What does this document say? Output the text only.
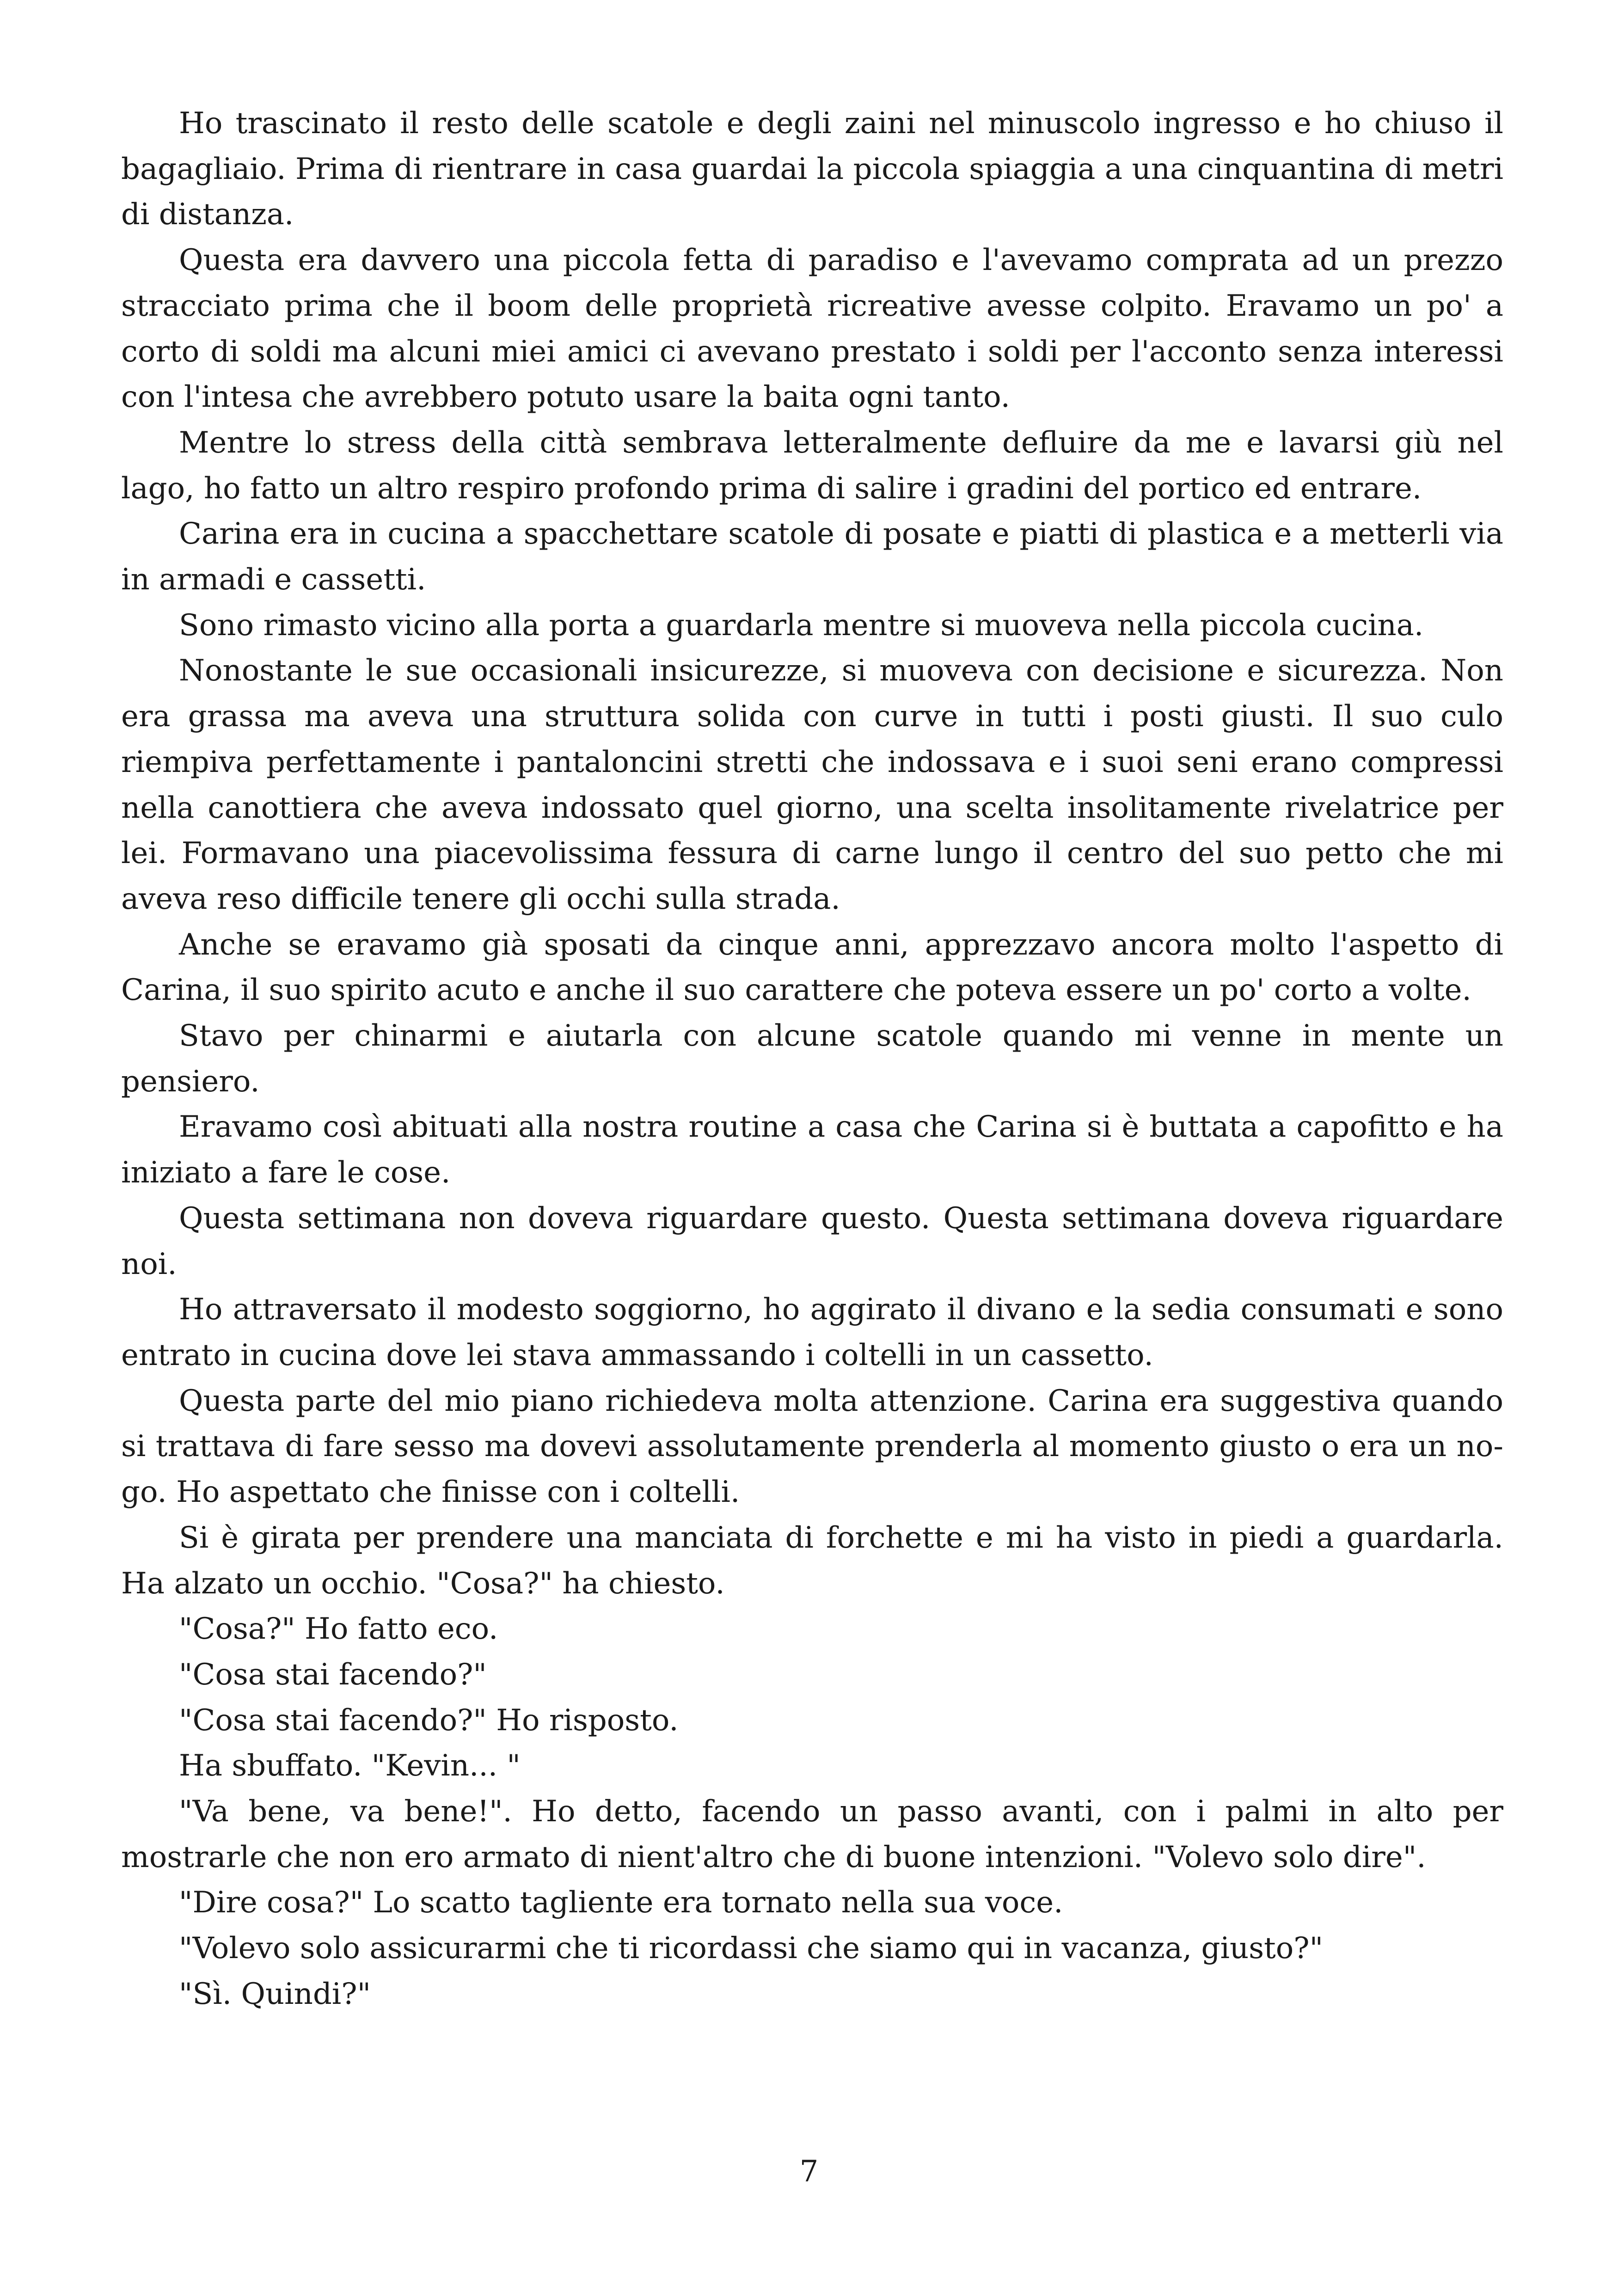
Ho trascinato il resto delle scatole e degli zaini nel minuscolo ingresso e ho chiuso il bagagliaio. Prima di rientrare in casa guardai la piccola spiaggia a una cinquantina di metri di distanza.

Questa era davvero una piccola fetta di paradiso e l'avevamo comprata ad un prezzo stracciato prima che il boom delle proprietà ricreative avesse colpito. Eravamo un po' a corto di soldi ma alcuni miei amici ci avevano prestato i soldi per l'acconto senza interessi con l'intesa che avrebbero potuto usare la baita ogni tanto.

Mentre lo stress della città sembrava letteralmente defluire da me e lavarsi giù nel lago, ho fatto un altro respiro profondo prima di salire i gradini del portico ed entrare.

Carina era in cucina a spacchettare scatole di posate e piatti di plastica e a metterli via in armadi e cassetti.

Sono rimasto vicino alla porta a guardarla mentre si muoveva nella piccola cucina.

Nonostante le sue occasionali insicurezze, si muoveva con decisione e sicurezza. Non era grassa ma aveva una struttura solida con curve in tutti i posti giusti. Il suo culo riempiva perfettamente i pantaloncini stretti che indossava e i suoi seni erano compressi nella canottiera che aveva indossato quel giorno, una scelta insolitamente rivelatrice per lei. Formavano una piacevolissima fessura di carne lungo il centro del suo petto che mi aveva reso difficile tenere gli occhi sulla strada.

Anche se eravamo già sposati da cinque anni, apprezzavo ancora molto l'aspetto di Carina, il suo spirito acuto e anche il suo carattere che poteva essere un po' corto a volte.

Stavo per chinarmi e aiutarla con alcune scatole quando mi venne in mente un pensiero.

Eravamo così abituati alla nostra routine a casa che Carina si è buttata a capofitto e ha iniziato a fare le cose.

Questa settimana non doveva riguardare questo. Questa settimana doveva riguardare noi.

Ho attraversato il modesto soggiorno, ho aggirato il divano e la sedia consumati e sono entrato in cucina dove lei stava ammassando i coltelli in un cassetto.

Questa parte del mio piano richiedeva molta attenzione. Carina era suggestiva quando si trattava di fare sesso ma dovevi assolutamente prenderla al momento giusto o era un no-go. Ho aspettato che finisse con i coltelli.

Si è girata per prendere una manciata di forchette e mi ha visto in piedi a guardarla. Ha alzato un occhio. "Cosa?" ha chiesto.

"Cosa?" Ho fatto eco.

"Cosa stai facendo?"

"Cosa stai facendo?" Ho risposto.

Ha sbuffato. "Kevin... "

"Va bene, va bene!". Ho detto, facendo un passo avanti, con i palmi in alto per mostrarle che non ero armato di nient'altro che di buone intenzioni. "Volevo solo dire".

"Dire cosa?" Lo scatto tagliente era tornato nella sua voce.

"Volevo solo assicurarmi che ti ricordassi che siamo qui in vacanza, giusto?"

"Sì. Quindi?"

7
